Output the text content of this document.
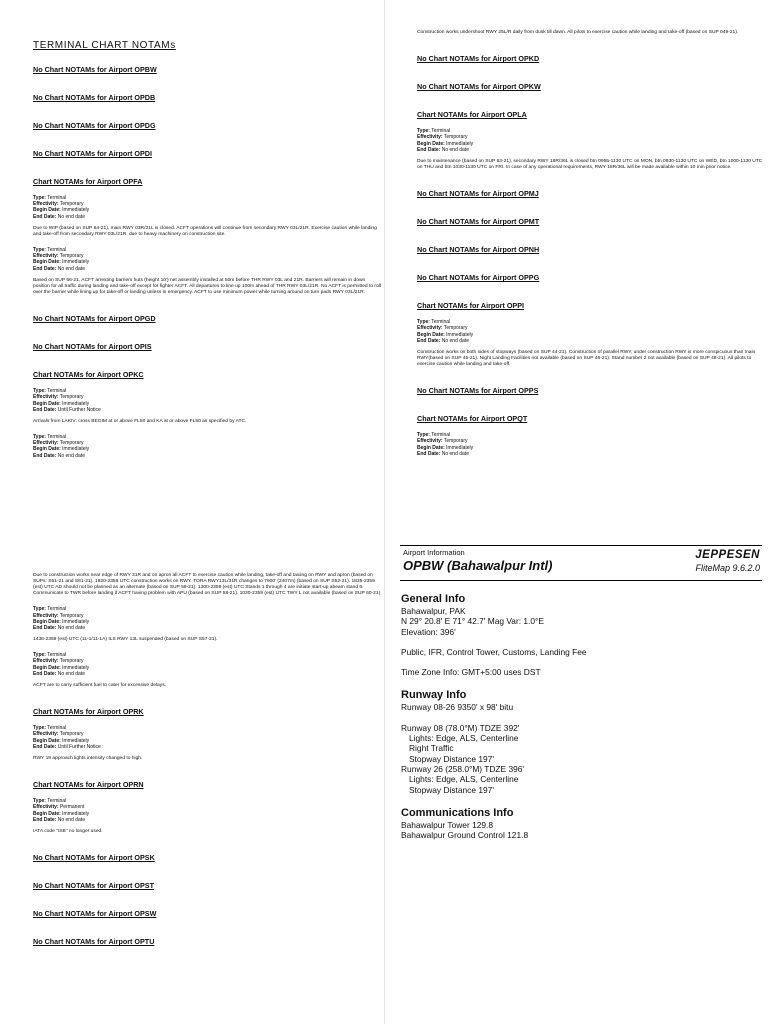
TERMINAL CHART NOTAMs
No Chart NOTAMs for Airport OPBW
No Chart NOTAMs for Airport OPDB
No Chart NOTAMs for Airport OPDG
No Chart NOTAMs for Airport OPDI
Chart NOTAMs for Airport OPFA
Type: Terminal
Effectivity: Temporary
Begin Date: Immediately
End Date: No end date
Due to WIP (based on SUP 64-21), main RWY 03R/21L is closed. ACFT operations will continue from secondary RWY 03L/21R. Exercise caution while landing and take-off from secondary RWY 03L/21R. due to heavy machinery on construction site.
Type: Terminal
Effectivity: Temporary
Begin Date: Immediately
End Date: No end date
Based on SUP 66-21, ACFT arresting barriers huts (height 10') net assembly installed at 50m before THR RWY 03L and 21R. Barriers will remain in down position for all traffic during landing and take-off except for fighter ACFT. All departures to line up 100m ahead of THR RWY 03L/21R. No ACFT is permitted to roll over the barrier while lining up for take-off or landing unless in emergency. ACFT to use minimum power while turning around on turn pads RWY 03L/21R.
No Chart NOTAMs for Airport OPGD
No Chart NOTAMs for Airport OPIS
Chart NOTAMs for Airport OPKC
Type: Terminal
Effectivity: Temporary
Begin Date: Immediately
End Date: Until Further Notice
Arrivals from LAKIV: cross BEGIM at or above FL50 and KA at or above FL50 as specified by ATC.
Type: Terminal
Effectivity: Temporary
Begin Date: Immediately
End Date: No end date
Construction works undershoot RWY 25L/R daily from dusk till dawn. All pilots to exercise caution while landing and take-off (based on SUP 049-21).
No Chart NOTAMs for Airport OPKD
No Chart NOTAMs for Airport OPKW
Chart NOTAMs for Airport OPLA
Type: Terminal
Effectivity: Temporary
Begin Date: Immediately
End Date: No end date
Due to maintenance (based on SUP 63-21), secondary RWY 18R/36L is closed btn 0955-1130 UTC on MON, btn 0930-1130 UTC on WED, btn 1000-1130 UTC on THU and btn 1030-1130 UTC on FRI. In case of any operational requirements, RWY 18R/36L will be made available within 10 min prior notice.
No Chart NOTAMs for Airport OPMJ
No Chart NOTAMs for Airport OPMT
No Chart NOTAMs for Airport OPNH
No Chart NOTAMs for Airport OPPG
Chart NOTAMs for Airport OPPI
Type: Terminal
Effectivity: Temporary
Begin Date: Immediately
End Date: No end date
Construction works on both sides of stopways (based on SUP 44-21). Construction of parallel RWY, under construction RWY is more conspicuous than main RWY(based on SUP 45-21). Night Landing Facilities not available (based on SUP 46-21). Stand number 2 not available (based on SUP 48-21). All pilots to exercise caution while landing and take-off.
No Chart NOTAMs for Airport OPPS
Chart NOTAMs for Airport OPQT
Type: Terminal
Effectivity: Temporary
Begin Date: Immediately
End Date: No end date
Due to construction works near edge of RWY 31R and on apron all ACFT to exercise caution while landing, take-off and taxiing on RWY and apron (based on SUPs: S51-21 and S61-21). 1820-2359 UTC construction works on RWY. TORA RWY13L/31R changes to 7900' (2407m) (based on SUP S52-21). 1835-2359 (est) UTC AD should not be planned as an alternate (based on SUP 59-21). 1300-2359 (est) UTC Stands 1 through 4 are initiate start-up abeam stand 6. Communicate to TWR before landing if ACFT having problem with APU (based on SUP 58-21). 1030-2359 (est) UTC TWY L not available (based on SUP 60-21)
Type: Terminal
Effectivity: Temporary
Begin Date: Immediately
End Date: No end date
1436-2359 (est) UTC (11-1/11-1A) ILS RWY 13L suspended (based on SUP S57-21).
Type: Terminal
Effectivity: Temporary
Begin Date: Immediately
End Date: No end date
ACFT are to carry sufficient fuel to cater for excessive delays.
Chart NOTAMs for Airport OPRK
Type: Terminal
Effectivity: Temporary
Begin Date: Immediately
End Date: Until Further Notice
RWY 19 approach lights intensity changed to high.
Chart NOTAMs for Airport OPRN
Type: Terminal
Effectivity: Permanent
Begin Date: Immediately
End Date: No end date
IATA code "ISB" no longer used.
No Chart NOTAMs for Airport OPSK
No Chart NOTAMs for Airport OPST
No Chart NOTAMs for Airport OPSW
No Chart NOTAMs for Airport OPTU
Airport Information
OPBW (Bahawalpur Intl)
JEPPESEN
FliteMap 9.6.2.0
General Info
Bahawalpur, PAK
N 29° 20.8' E 71° 42.7' Mag Var: 1.0°E
Elevation: 396'
Public, IFR, Control Tower, Customs, Landing Fee
Time Zone Info: GMT+5:00 uses DST
Runway Info
Runway 08-26 9350' x 98' bitu
Runway 08 (78.0°M) TDZE 392'
Lights: Edge, ALS, Centerline
Right Traffic
Stopway Distance 197'
Runway 26 (258.0°M) TDZE 396'
Lights: Edge, ALS, Centerline
Stopway Distance 197'
Communications Info
Bahawalpur Tower 129.8
Bahawalpur Ground Control 121.8
